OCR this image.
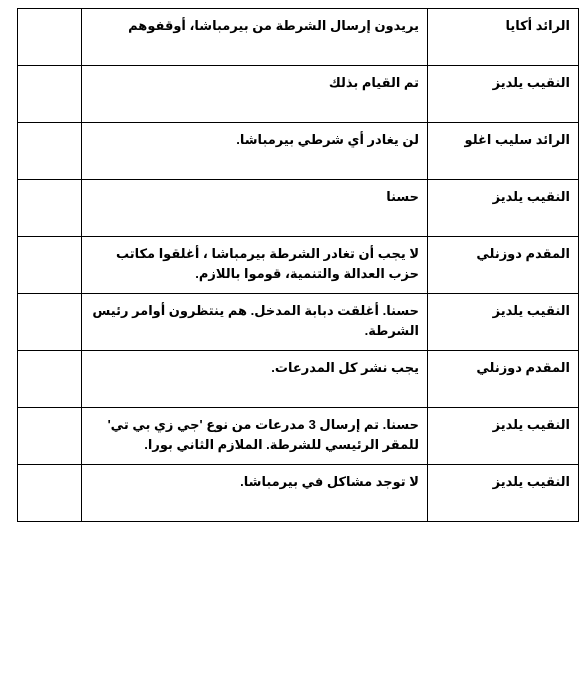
الرائد أكايا	يريدون إرسال الشرطة من بيرمباشا، أوقفوهم	
النقيب يلديز	تم القيام بذلك	
الرائد سليب اغلو	لن يغادر أي شرطي بيرمباشا.	
النقيب يلديز	حسنا	
المقدم دوزنلي	لا يجب أن تغادر الشرطة بيرمباشا ، أغلقوا مكاتب حزب العدالة والتنمية، قوموا باللازم.	
النقيب يلديز	حسنا. أغلقت دبابة المدخل. هم ينتظرون أوامر رئيس الشرطة.	
المقدم دوزنلي	يجب نشر كل المدرعات.	
النقيب يلديز	حسنا. تم إرسال 3 مدرعات من نوع 'جي زي بي تي' للمقر الرئيسي للشرطة. الملازم الثاني بورا.	
النقيب يلديز	لا توجد مشاكل في بيرمباشا.	
